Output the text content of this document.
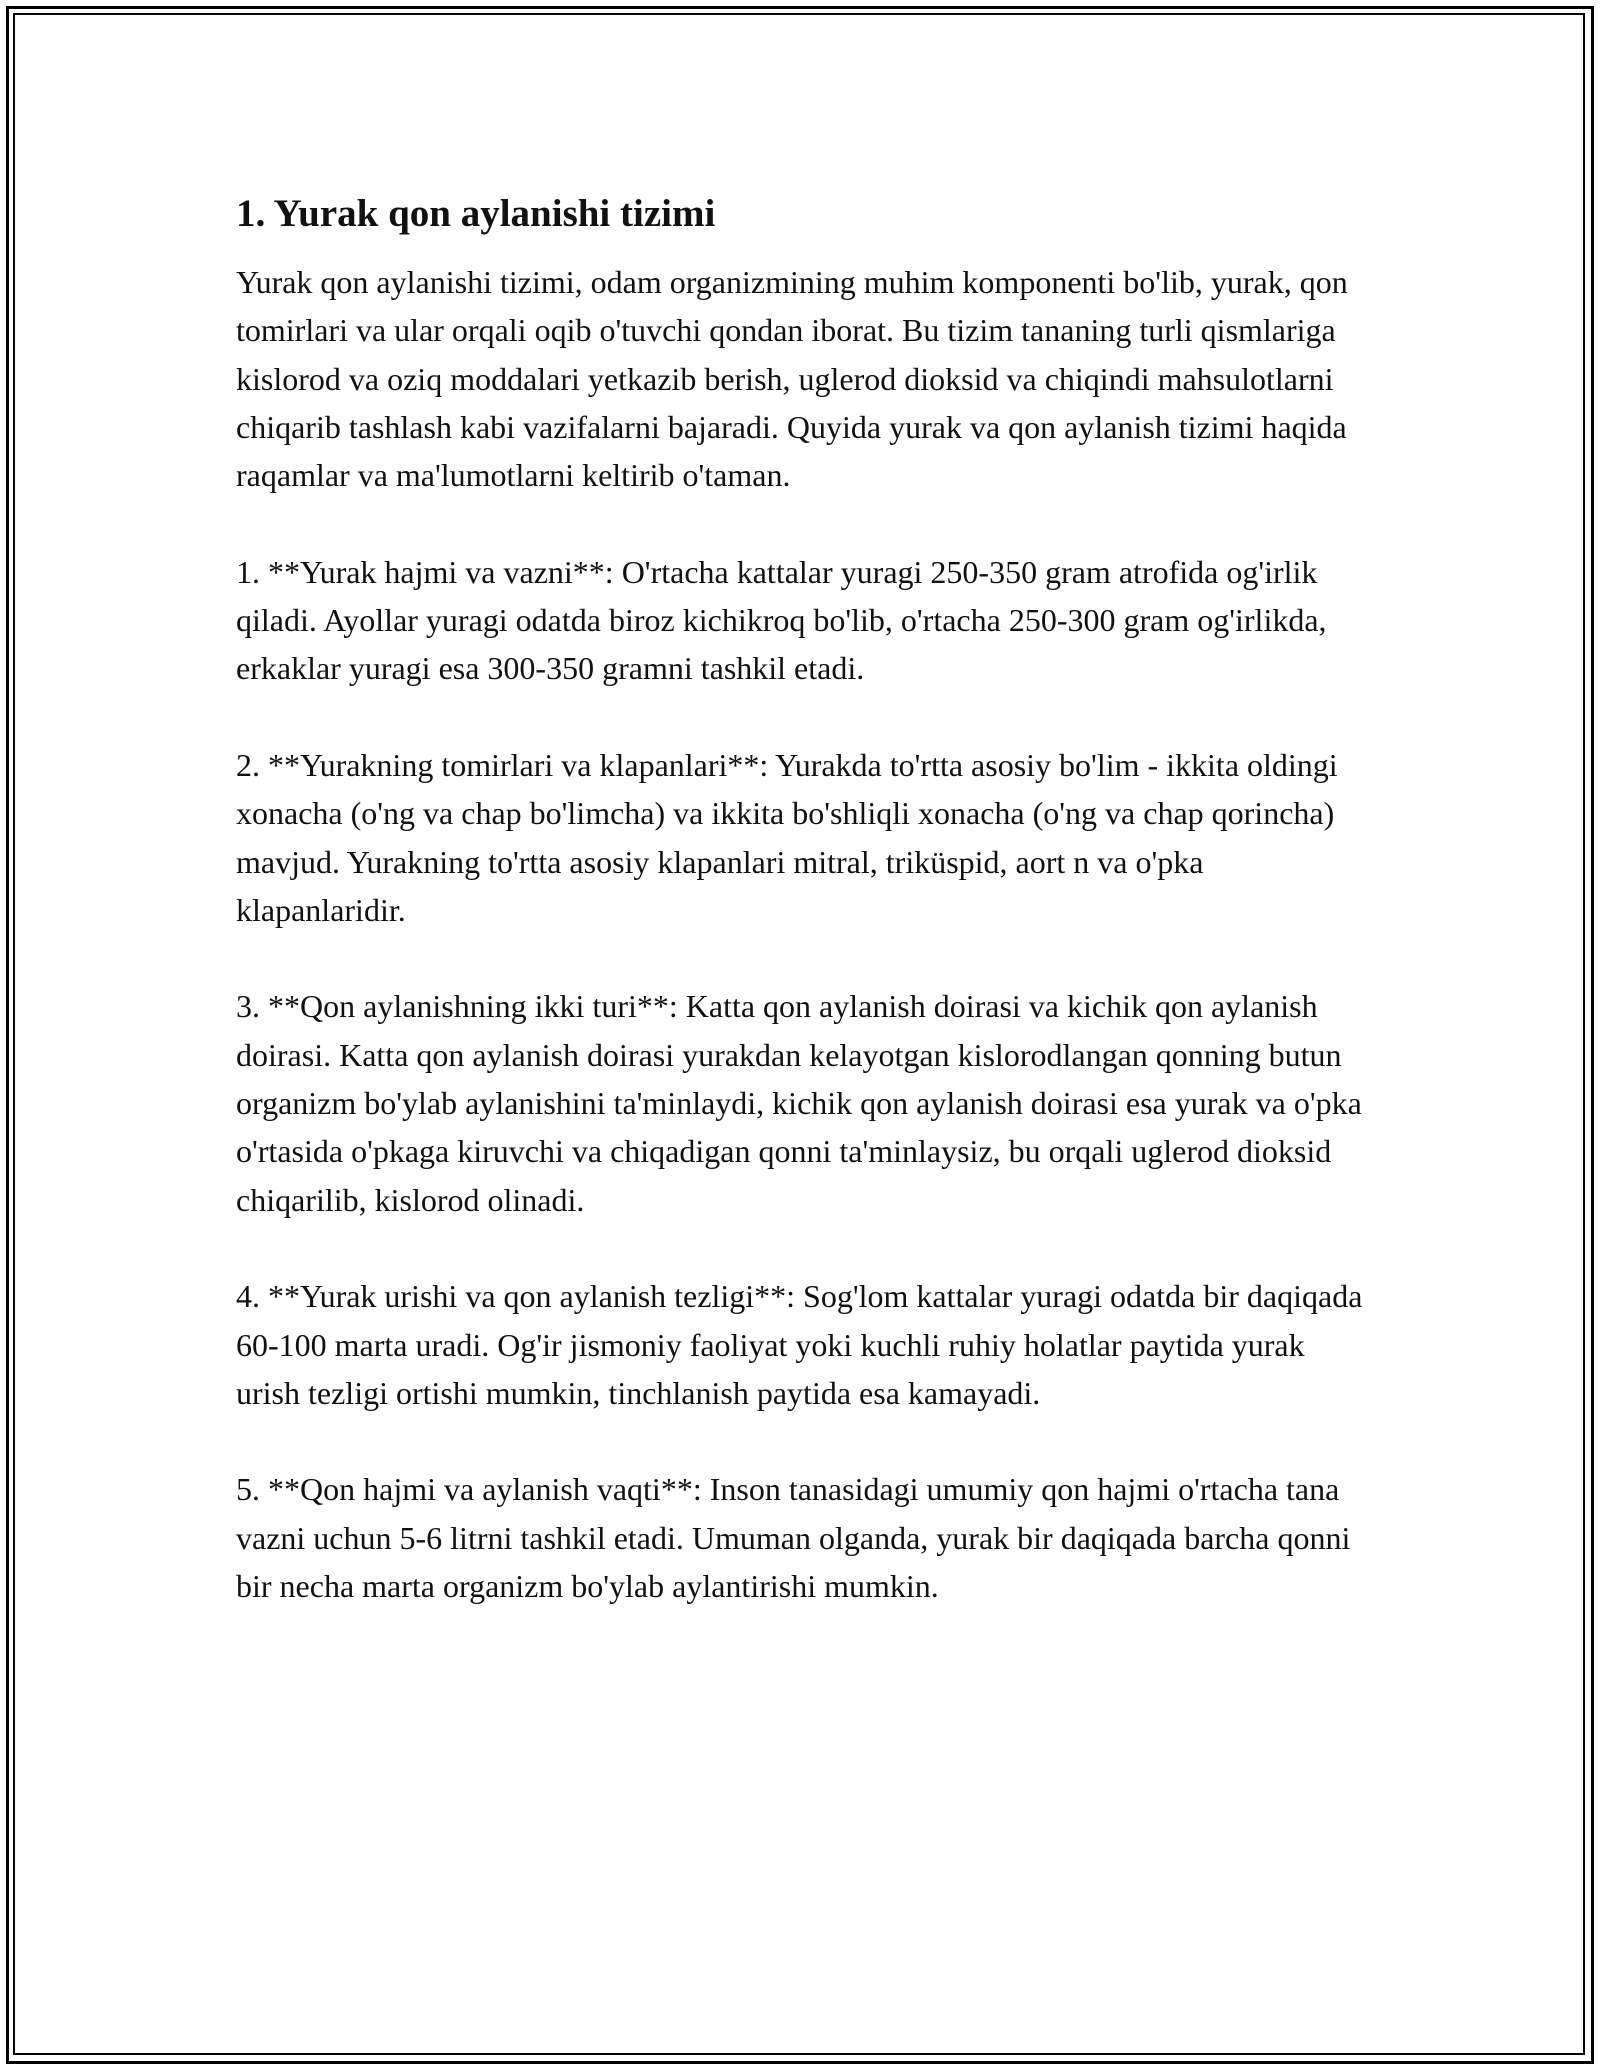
1. Yurak qon aylanishi tizimi

Yurak qon aylanishi tizimi, odam organizmining muhim komponenti bo'lib, yurak, qon tomirlari va ular orqali oqib o'tuvchi qondan iborat. Bu tizim tananing turli qismlariga kislorod va oziq moddalari yetkazib berish, uglerod dioksid va chiqindi mahsulotlarni chiqarib tashlash kabi vazifalarni bajaradi. Quyida yurak va qon aylanish tizimi haqida raqamlar va ma'lumotlarni keltirib o'taman.

1. **Yurak hajmi va vazni**: O'rtacha kattalar yuragi 250-350 gram atrofida og'irlik qiladi. Ayollar yuragi odatda biroz kichikroq bo'lib, o'rtacha 250-300 gram og'irlikda, erkaklar yuragi esa 300-350 gramni tashkil etadi.

2. **Yurakning tomirlari va klapanlari**: Yurakda to'rtta asosiy bo'lim - ikkita oldingi xonacha (o'ng va chap bo'limcha) va ikkita bo'shliqli xonacha (o'ng va chap qorincha) mavjud. Yurakning to'rtta asosiy klapanlari mitral, triküspid, aort n va o'pka klapanlaridir.

3. **Qon aylanishning ikki turi**: Katta qon aylanish doirasi va kichik qon aylanish doirasi. Katta qon aylanish doirasi yurakdan kelayotgan kislorodlangan qonning butun organizm bo'ylab aylanishini ta'minlaydi, kichik qon aylanish doirasi esa yurak va o'pka o'rtasida o'pkaga kiruvchi va chiqadigan qonni ta'minlaysiz, bu orqali uglerod dioksid chiqarilib, kislorod olinadi.

4. **Yurak urishi va qon aylanish tezligi**: Sog'lom kattalar yuragi odatda bir daqiqada 60-100 marta uradi. Og'ir jismoniy faoliyat yoki kuchli ruhiy holatlar paytida yurak urish tezligi ortishi mumkin, tinchlanish paytida esa kamayadi.

5. **Qon hajmi va aylanish vaqti**: Inson tanasidagi umumiy qon hajmi o'rtacha tana vazni uchun 5-6 litrni tashkil etadi. Umuman olganda, yurak bir daqiqada barcha qonni bir necha marta organizm bo'ylab aylantirishi mumkin.
